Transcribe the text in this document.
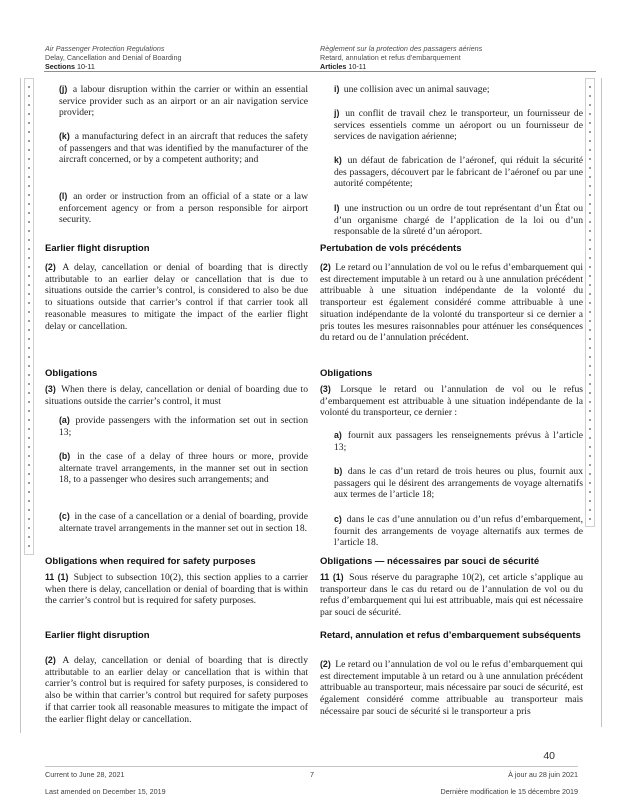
Air Passenger Protection Regulations
Delay, Cancellation and Denial of Boarding
Sections 10-11
Règlement sur la protection des passagers aériens
Retard, annulation et refus d’embarquement
Articles 10-11
(j) a labour disruption within the carrier or within an essential service provider such as an airport or an air navigation service provider;
(k) a manufacturing defect in an aircraft that reduces the safety of passengers and that was identified by the manufacturer of the aircraft concerned, or by a competent authority; and
(l) an order or instruction from an official of a state or a law enforcement agency or from a person responsible for airport security.
Earlier flight disruption
(2) A delay, cancellation or denial of boarding that is directly attributable to an earlier delay or cancellation that is due to situations outside the carrier’s control, is considered to also be due to situations outside that carrier’s control if that carrier took all reasonable measures to mitigate the impact of the earlier flight delay or cancellation.
Obligations
(3) When there is delay, cancellation or denial of boarding due to situations outside the carrier’s control, it must
(a) provide passengers with the information set out in section 13;
(b) in the case of a delay of three hours or more, provide alternate travel arrangements, in the manner set out in section 18, to a passenger who desires such arrangements; and
(c) in the case of a cancellation or a denial of boarding, provide alternate travel arrangements in the manner set out in section 18.
Obligations when required for safety purposes
11 (1) Subject to subsection 10(2), this section applies to a carrier when there is delay, cancellation or denial of boarding that is within the carrier’s control but is required for safety purposes.
Earlier flight disruption
(2) A delay, cancellation or denial of boarding that is directly attributable to an earlier delay or cancellation that is within that carrier’s control but is required for safety purposes, is considered to also be within that carrier’s control but required for safety purposes if that carrier took all reasonable measures to mitigate the impact of the earlier flight delay or cancellation.
i) une collision avec un animal sauvage;
j) un conflit de travail chez le transporteur, un fournisseur de services essentiels comme un aéroport ou un fournisseur de services de navigation aérienne;
k) un défaut de fabrication de l’aéronef, qui réduit la sécurité des passagers, découvert par le fabricant de l’aéronef ou par une autorité compétente;
l) une instruction ou un ordre de tout représentant d’un État ou d’un organisme chargé de l’application de la loi ou d’un responsable de la sûreté d’un aéroport.
Pertubation de vols précédents
(2) Le retard ou l’annulation de vol ou le refus d’embarquement qui est directement imputable à un retard ou à une annulation précédent attribuable à une situation indépendante de la volonté du transporteur est également considéré comme attribuable à une situation indépendante de la volonté du transporteur si ce dernier a pris toutes les mesures raisonnables pour atténuer les conséquences du retard ou de l’annulation précédent.
Obligations
(3) Lorsque le retard ou l’annulation de vol ou le refus d’embarquement est attribuable à une situation indépendante de la volonté du transporteur, ce dernier :
a) fournit aux passagers les renseignements prévus à l’article 13;
b) dans le cas d’un retard de trois heures ou plus, fournit aux passagers qui le désirent des arrangements de voyage alternatifs aux termes de l’article 18;
c) dans le cas d’une annulation ou d’un refus d’embarquement, fournit des arrangements de voyage alternatifs aux termes de l’article 18.
Obligations — nécessaires par souci de sécurité
11 (1) Sous réserve du paragraphe 10(2), cet article s’applique au transporteur dans le cas du retard ou de l’annulation de vol ou du refus d’embarquement qui lui est attribuable, mais qui est nécessaire par souci de sécurité.
Retard, annulation et refus d’embarquement subséquents
(2) Le retard ou l’annulation de vol ou le refus d’embarquement qui est directement imputable à un retard ou à une annulation précédent attribuable au transporteur, mais nécessaire par souci de sécurité, est également considéré comme attribuable au transporteur mais nécessaire par souci de sécurité si le transporteur a pris
40
Current to June 28, 2021	7	À jour au 28 juin 2021
Last amended on December 15, 2019	Dernière modification le 15 décembre 2019
